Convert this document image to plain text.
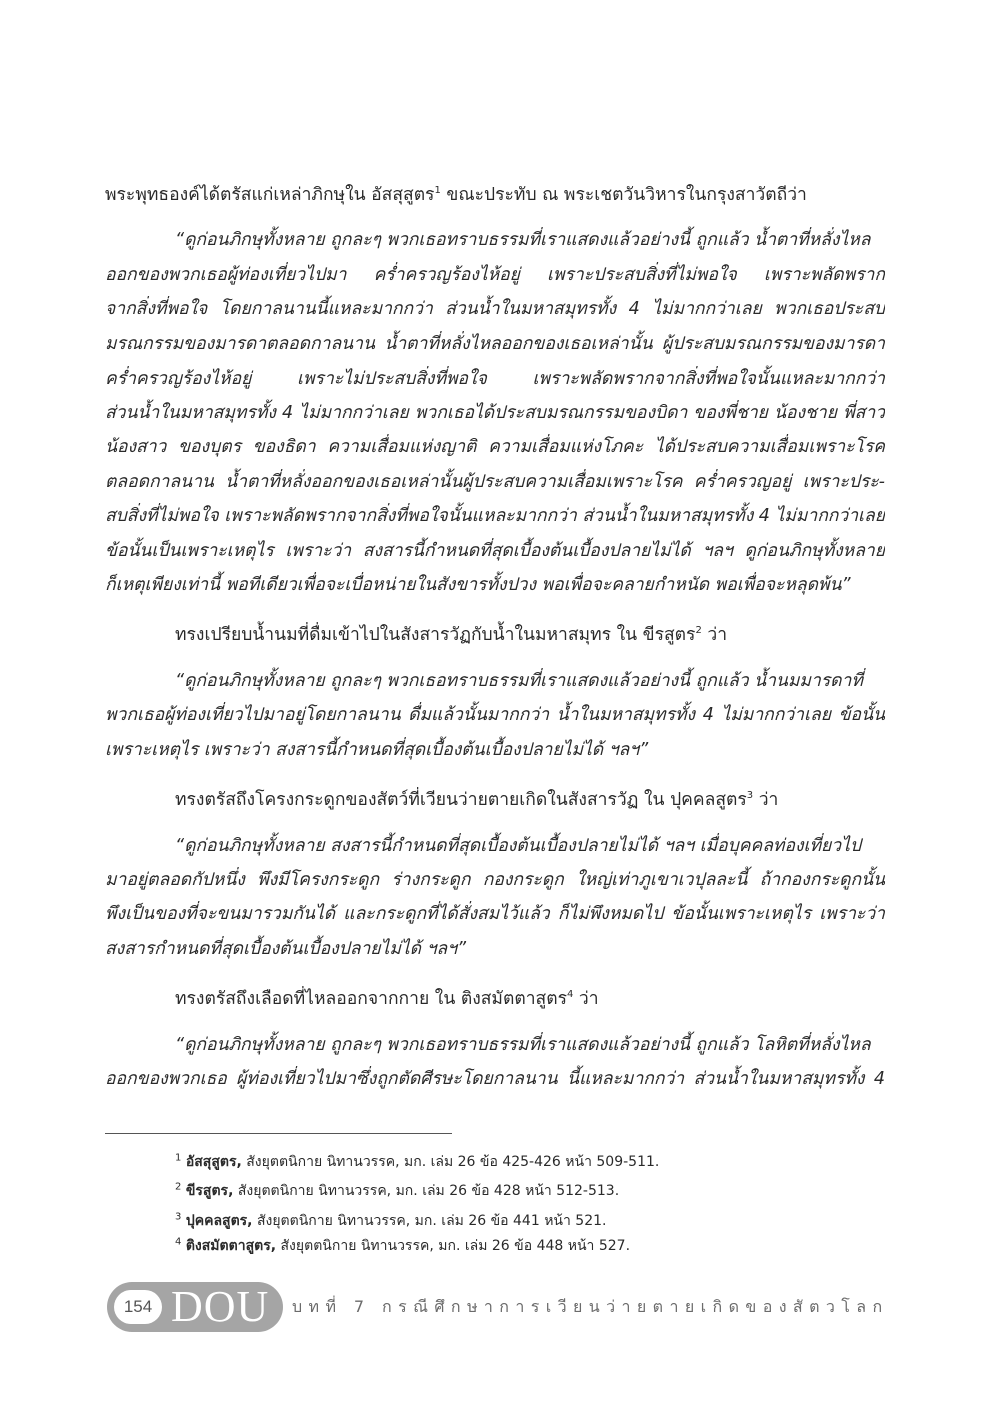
พระพุทธองค์ได้ตรัสแก่เหล่าภิกษุใน อัสสุสูตร$^1$ ขณะประทับ ณ พระเชตวันวิหารในกรุงสาวัตถีว่า
“ดูก่อนภิกษุทั้งหลาย ถูกละๆ พวกเธอทราบธรรมที่เราแสดงแล้วอย่างนี้ ถูกแล้ว น้ำตาที่หลั่งไหล
ออกของพวกเธอผู้ท่องเที่ยวไปมา คร่ำครวญร้องไห้อยู่ เพราะประสบสิ่งที่ไม่พอใจ เพราะพลัดพราก
จากสิ่งที่พอใจ โดยกาลนานนี้แหละมากกว่า ส่วนน้ำในมหาสมุทรทั้ง 4 ไม่มากกว่าเลย พวกเธอประสบ
มรณกรรมของมารดาตลอดกาลนาน น้ำตาที่หลั่งไหลออกของเธอเหล่านั้น ผู้ประสบมรณกรรมของมารดา
คร่ำครวญร้องไห้อยู่ เพราะไม่ประสบสิ่งที่พอใจ เพราะพลัดพรากจากสิ่งที่พอใจนั้นแหละมากกว่า
ส่วนน้ำในมหาสมุทรทั้ง 4 ไม่มากกว่าเลย พวกเธอได้ประสบมรณกรรมของบิดา ของพี่ชาย น้องชาย พี่สาว
น้องสาว ของบุตร ของธิดา ความเสื่อมแห่งญาติ ความเสื่อมแห่งโภคะ ได้ประสบความเสื่อมเพราะโรค
ตลอดกาลนาน น้ำตาที่หลั่งออกของเธอเหล่านั้นผู้ประสบความเสื่อมเพราะโรค คร่ำครวญอยู่ เพราะประ-
สบสิ่งที่ไม่พอใจ เพราะพลัดพรากจากสิ่งที่พอใจนั้นแหละมากกว่า ส่วนน้ำในมหาสมุทรทั้ง 4 ไม่มากกว่าเลย
ข้อนั้นเป็นเพราะเหตุไร เพราะว่า สงสารนี้กำหนดที่สุดเบื้องต้นเบื้องปลายไม่ได้ ฯลฯ ดูก่อนภิกษุทั้งหลาย
ก็เหตุเพียงเท่านี้ พอทีเดียวเพื่อจะเบื่อหน่ายในสังขารทั้งปวง พอเพื่อจะคลายกำหนัด พอเพื่อจะหลุดพ้น”
ทรงเปรียบน้ำนมที่ดื่มเข้าไปในสังสารวัฏกับน้ำในมหาสมุทร ใน ขีรสูตร$^2$ ว่า
“ดูก่อนภิกษุทั้งหลาย ถูกละๆ พวกเธอทราบธรรมที่เราแสดงแล้วอย่างนี้ ถูกแล้ว น้ำนมมารดาที่
พวกเธอผู้ท่องเที่ยวไปมาอยู่โดยกาลนาน ดื่มแล้วนั้นมากกว่า น้ำในมหาสมุทรทั้ง 4 ไม่มากกว่าเลย ข้อนั้น
เพราะเหตุไร เพราะว่า สงสารนี้กำหนดที่สุดเบื้องต้นเบื้องปลายไม่ได้ ฯลฯ”
ทรงตรัสถึงโครงกระดูกของสัตว์ที่เวียนว่ายตายเกิดในสังสารวัฏ ใน ปุคคลสูตร$^3$ ว่า
“ดูก่อนภิกษุทั้งหลาย สงสารนี้กำหนดที่สุดเบื้องต้นเบื้องปลายไม่ได้ ฯลฯ เมื่อบุคคลท่องเที่ยวไป
มาอยู่ตลอดกัปหนึ่ง พึงมีโครงกระดูก ร่างกระดูก กองกระดูก ใหญ่เท่าภูเขาเวปุลละนี้ ถ้ากองกระดูกนั้น
พึงเป็นของที่จะขนมารวมกันได้ และกระดูกที่ได้สั่งสมไว้แล้ว ก็ไม่พึงหมดไป ข้อนั้นเพราะเหตุไร เพราะว่า
สงสารกำหนดที่สุดเบื้องต้นเบื้องปลายไม่ได้ ฯลฯ”
ทรงตรัสถึงเลือดที่ไหลออกจากกาย ใน ติงสมัตตาสูตร$^4$ ว่า
“ดูก่อนภิกษุทั้งหลาย ถูกละๆ พวกเธอทราบธรรมที่เราแสดงแล้วอย่างนี้ ถูกแล้ว โลหิตที่หลั่งไหล
ออกของพวกเธอ ผู้ท่องเที่ยวไปมาซึ่งถูกตัดศีรษะโดยกาลนาน นี้แหละมากกว่า ส่วนน้ำในมหาสมุทรทั้ง 4
$^1$ อัสสุสูตร, สังยุตตนิกาย นิทานวรรค, มก. เล่ม 26 ข้อ 425-426 หน้า 509-511.
$^2$ ขีรสูตร, สังยุตตนิกาย นิทานวรรค, มก. เล่ม 26 ข้อ 428 หน้า 512-513.
$^3$ ปุคคลสูตร, สังยุตตนิกาย นิทานวรรค, มก. เล่ม 26 ข้อ 441 หน้า 521.
$^4$ ติงสมัตตาสูตร, สังยุตตนิกาย นิทานวรรค, มก. เล่ม 26 ข้อ 448 หน้า 527.
154 DOU บทที่ 7 กรณีศึกษาการเวียนว่ายตายเกิดของสัตวโลก
